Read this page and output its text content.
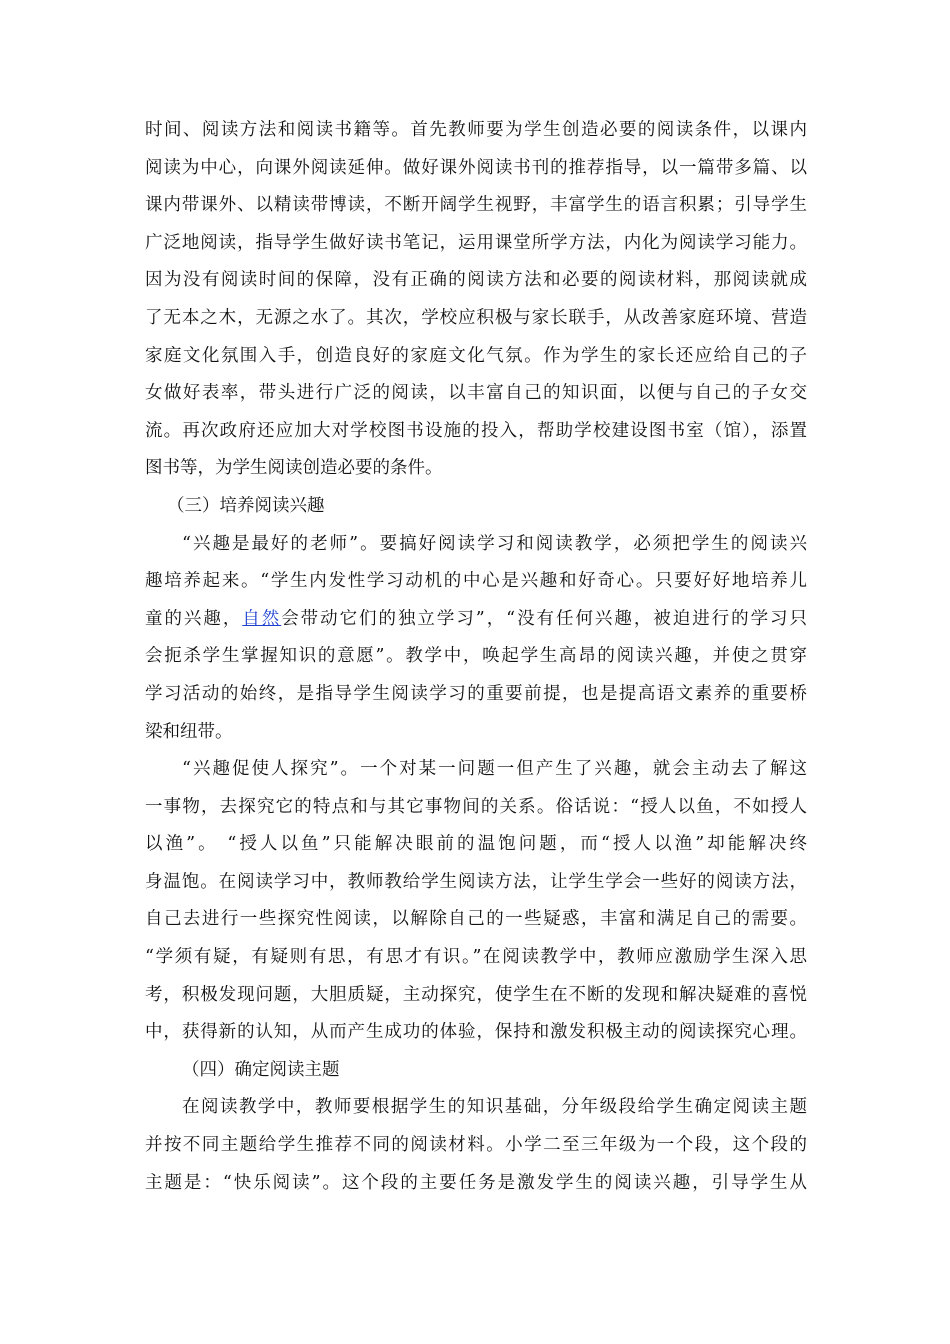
时间、阅读方法和阅读书籍等。首先教师要为学生创造必要的阅读条件，以课内
阅读为中心，向课外阅读延伸。做好课外阅读书刊的推荐指导，以一篇带多篇、以
课内带课外、以精读带博读，不断开阔学生视野，丰富学生的语言积累；引导学生
广泛地阅读，指导学生做好读书笔记，运用课堂所学方法，内化为阅读学习能力。
因为没有阅读时间的保障，没有正确的阅读方法和必要的阅读材料，那阅读就成
了无本之木，无源之水了。其次，学校应积极与家长联手，从改善家庭环境、营造
家庭文化氛围入手，创造良好的家庭文化气氛。作为学生的家长还应给自己的子
女做好表率，带头进行广泛的阅读，以丰富自己的知识面，以便与自己的子女交
流。再次政府还应加大对学校图书设施的投入，帮助学校建设图书室（馆），添置
图书等，为学生阅读创造必要的条件。
（三）培养阅读兴趣
“兴趣是最好的老师”。要搞好阅读学习和阅读教学，必须把学生的阅读兴
趣培养起来。“学生内发性学习动机的中心是兴趣和好奇心。只要好好地培养儿
童的兴趣，自然会带动它们的独立学习”，“没有任何兴趣，被迫进行的学习只
会扼杀学生掌握知识的意愿”。教学中，唤起学生高昂的阅读兴趣，并使之贯穿
学习活动的始终，是指导学生阅读学习的重要前提，也是提高语文素养的重要桥
梁和纽带。
“兴趣促使人探究”。一个对某一问题一但产生了兴趣，就会主动去了解这
一事物，去探究它的特点和与其它事物间的关系。俗话说：“授人以鱼，不如授人
以渔”。 “授人以鱼”只能解决眼前的温饱问题，而“授人以渔”却能解决终
身温饱。在阅读学习中，教师教给学生阅读方法，让学生学会一些好的阅读方法，
自己去进行一些探究性阅读，以解除自己的一些疑惑，丰富和满足自己的需要。
“学须有疑，有疑则有思，有思才有识。”在阅读教学中，教师应激励学生深入思
考，积极发现问题，大胆质疑，主动探究，使学生在不断的发现和解决疑难的喜悦
中，获得新的认知，从而产生成功的体验，保持和激发积极主动的阅读探究心理。
（四）确定阅读主题
在阅读教学中，教师要根据学生的知识基础，分年级段给学生确定阅读主题
并按不同主题给学生推荐不同的阅读材料。小学二至三年级为一个段，这个段的
主题是：“快乐阅读”。这个段的主要任务是激发学生的阅读兴趣，引导学生从
